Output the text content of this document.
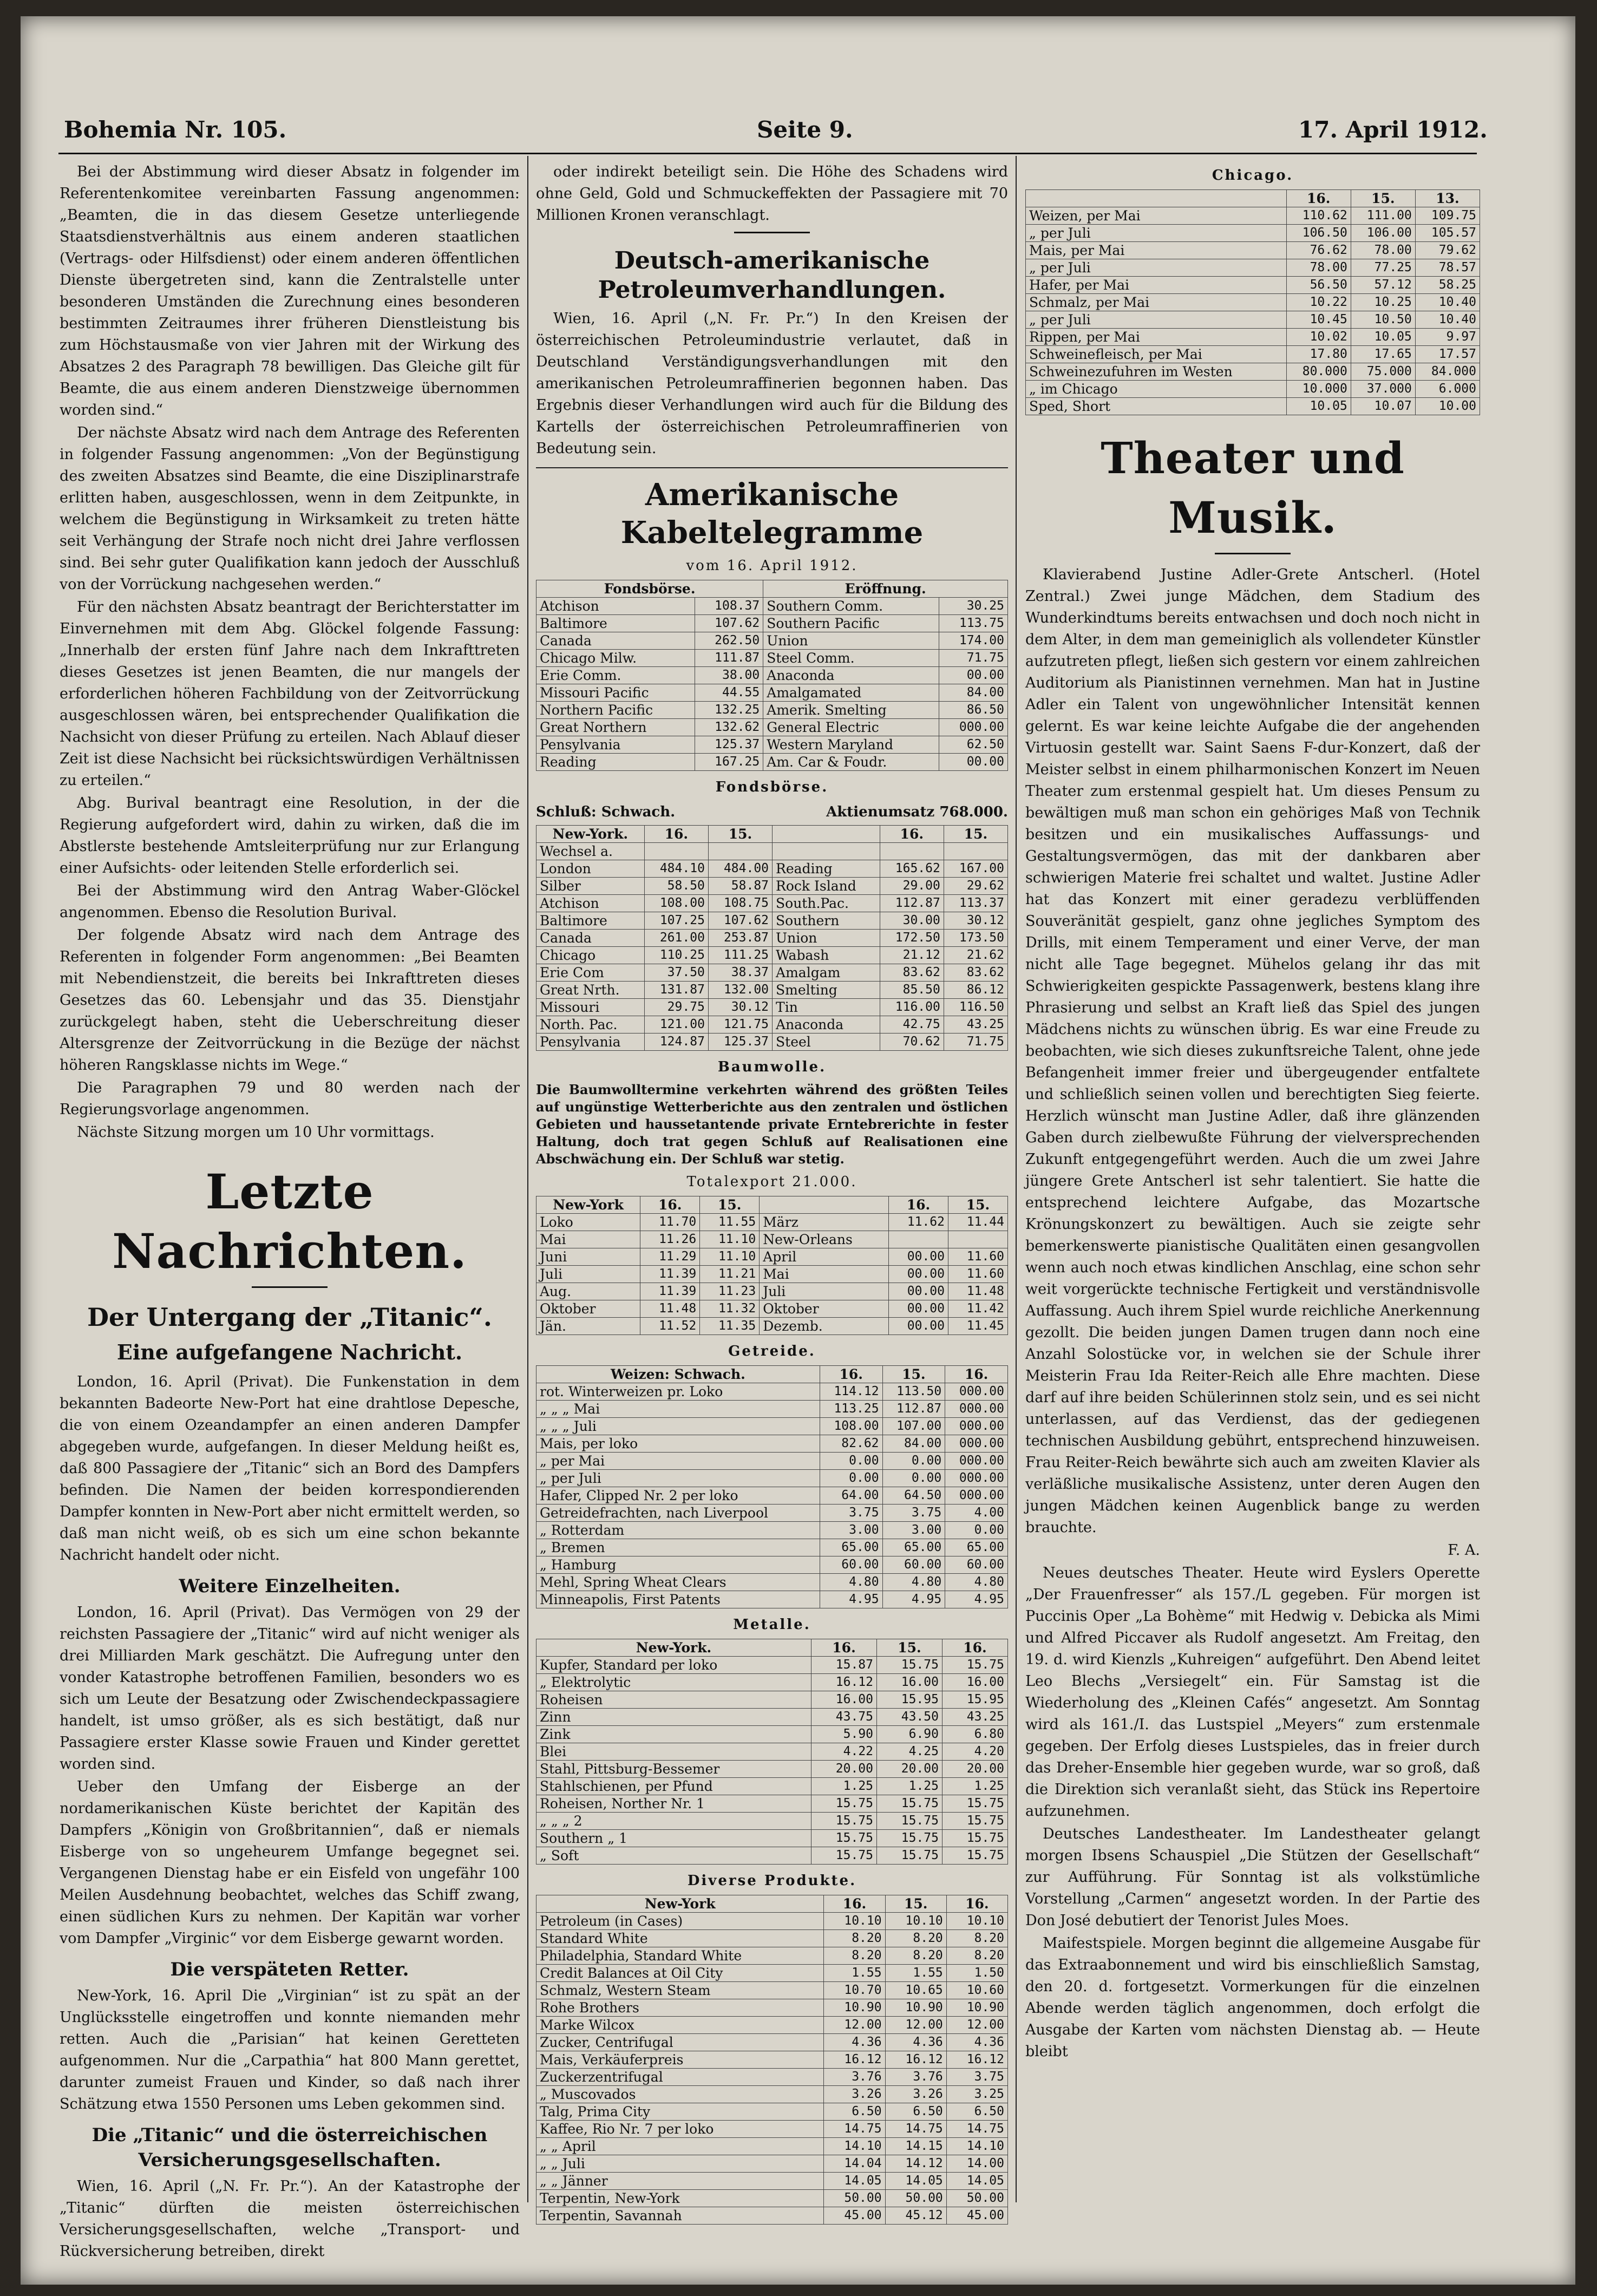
Bohemia Nr. 105.	Seite 9.	17. April 1912.

Bei der Abstimmung wird dieser Absatz in folgender im Referentenkomitee vereinbarten Fassung angenommen: „Beamten, die in das diesem Gesetze unterliegende Staatsdienstverhältnis aus einem anderen staatlichen (Vertrags- oder Hilfsdienst) oder einem anderen öffentlichen Dienste übergetreten sind, kann die Zentralstelle unter besonderen Umständen die Zurechnung eines besonderen bestimmten Zeitraumes ihrer früheren Dienstleistung bis zum Höchstausmaße von vier Jahren mit der Wirkung des Absatzes 2 des Paragraph 78 bewilligen. Das Gleiche gilt für Beamte, die aus einem anderen Dienstzweige übernommen worden sind.“

Der nächste Absatz wird nach dem Antrage des Referenten in folgender Fassung angenommen: „Von der Begünstigung des zweiten Absatzes sind Beamte, die eine Disziplinarstrafe erlitten haben, ausgeschlossen, wenn in dem Zeitpunkte, in welchem die Begünstigung in Wirksamkeit zu treten hätte seit Verhängung der Strafe noch nicht drei Jahre verflossen sind. Bei sehr guter Qualifikation kann jedoch der Ausschluß von der Vorrückung nachgesehen werden.“

Für den nächsten Absatz beantragt der Berichterstatter im Einvernehmen mit dem Abg. Glöckel folgende Fassung: „Innerhalb der ersten fünf Jahre nach dem Inkrafttreten dieses Gesetzes ist jenen Beamten, die nur mangels der erforderlichen höheren Fachbildung von der Zeitvorrückung ausgeschlossen wären, bei entsprechender Qualifikation die Nachsicht von dieser Prüfung zu erteilen. Nach Ablauf dieser Zeit ist diese Nachsicht bei rücksichtswürdigen Verhältnissen zu erteilen.“

Abg. Burival beantragt eine Resolution, in der die Regierung aufgefordert wird, dahin zu wirken, daß die im Abstlerste bestehende Amtsleiterprüfung nur zur Erlangung einer Aufsichts- oder leitenden Stelle erforderlich sei.

Bei der Abstimmung wird den Antrag Waber-Glöckel angenommen. Ebenso die Resolution Burival.

Der folgende Absatz wird nach dem Antrage des Referenten in folgender Form angenommen: „Bei Beamten mit Nebendienstzeit, die bereits bei Inkrafttreten dieses Gesetzes das 60. Lebensjahr und das 35. Dienstjahr zurückgelegt haben, steht die Ueberschreitung dieser Altersgrenze der Zeitvorrückung in die Bezüge der nächst höheren Rangsklasse nichts im Wege.“

Die Paragraphen 79 und 80 werden nach der Regierungsvorlage angenommen.

Nächste Sitzung morgen um 10 Uhr vormittags.

Letzte Nachrichten.
Der Untergang der „Titanic“.
Eine aufgefangene Nachricht.

London, 16. April (Privat). Die Funkenstation in dem bekannten Badeorte New-Port hat eine drahtlose Depesche, die von einem Ozeandampfer an einen anderen Dampfer abgegeben wurde, aufgefangen. In dieser Meldung heißt es, daß 800 Passagiere der „Titanic“ sich an Bord des Dampfers befinden. Die Namen der beiden korrespondierenden Dampfer konnten in New-Port aber nicht ermittelt werden, so daß man nicht weiß, ob es sich um eine schon bekannte Nachricht handelt oder nicht.

Weitere Einzelheiten.

London, 16. April (Privat). Das Vermögen von 29 der reichsten Passagiere der „Titanic“ wird auf nicht weniger als drei Milliarden Mark geschätzt. Die Aufregung unter den vonder Katastrophe betroffenen Familien, besonders wo es sich um Leute der Besatzung oder Zwischendeckpassagiere handelt, ist umso größer, als es sich bestätigt, daß nur Passagiere erster Klasse sowie Frauen und Kinder gerettet worden sind.

Ueber den Umfang der Eisberge an der nordamerikanischen Küste berichtet der Kapitän des Dampfers „Königin von Großbritannien“, daß er niemals Eisberge von so ungeheurem Umfange begegnet sei. Vergangenen Dienstag habe er ein Eisfeld von ungefähr 100 Meilen Ausdehnung beobachtet, welches das Schiff zwang, einen südlichen Kurs zu nehmen. Der Kapitän war vorher vom Dampfer „Virginic“ vor dem Eisberge gewarnt worden.

Die verspäteten Retter.

New-York, 16. April Die „Virginian“ ist zu spät an der Unglücksstelle eingetroffen und konnte niemanden mehr retten. Auch die „Parisian“ hat keinen Geretteten aufgenommen. Nur die „Carpathia“ hat 800 Mann gerettet, darunter zumeist Frauen und Kinder, so daß nach ihrer Schätzung etwa 1550 Personen ums Leben gekommen sind.

Die „Titanic“ und die österreichischen Versicherungsgesellschaften.

Wien, 16. April („N. Fr. Pr.“). An der Katastrophe der „Titanic“ dürften die meisten österreichischen Versicherungsgesellschaften, welche „Transport- und Rückversicherung betreiben, direkt

oder indirekt beteiligt sein. Die Höhe des Schadens wird ohne Geld, Gold und Schmuckeffekten der Passagiere mit 70 Millionen Kronen veranschlagt.

Deutsch-amerikanische Petroleumverhandlungen.

Wien, 16. April („N. Fr. Pr.“) In den Kreisen der österreichischen Petroleumindustrie verlautet, daß in Deutschland Verständigungsverhandlungen mit den amerikanischen Petroleumraffinerien begonnen haben. Das Ergebnis dieser Verhandlungen wird auch für die Bildung des Kartells der österreichischen Petroleumraffinerien von Bedeutung sein.

Amerikanische Kabeltelegramme
vom 16. April 1912.
Fondsbörse.		Eröffnung.	
Atchison	108.37	Southern Comm.	30.25
Baltimore	107.62	Southern Pacific	113.75
Canada	262.50	Union	174.00
Chicago Milw.	111.87	Steel Comm.	71.75
Erie Comm.	38.00	Anaconda	00.00
Missouri Pacific	44.55	Amalgamated	84.00
Northern Pacific	132.25	Amerik. Smelting	86.50
Great Northern	132.62	General Electric	000.00
Pensylvania	125.37	Western Maryland	62.50
Reading	167.25	Am. Car & Foudr.	00.00
Fondsbörse.
Schluß: Schwach.	Aktienumsatz 768.000.
New-York.	16.	15.		16.	15.
Wechsel a.					
London	484.10	484.00	Reading	165.62	167.00
Silber	58.50	58.87	Rock Island	29.00	29.62
Atchison	108.00	108.75	South.Pac.	112.87	113.37
Baltimore	107.25	107.62	Southern	30.00	30.12
Canada	261.00	253.87	Union	172.50	173.50
Chicago	110.25	111.25	Wabash	21.12	21.62
Erie Com	37.50	38.37	Amalgam	83.62	83.62
Great Nrth.	131.87	132.00	Smelting	85.50	86.12
Missouri	29.75	30.12	Tin	116.00	116.50
North. Pac.	121.00	121.75	Anaconda	42.75	43.25
Pensylvania	124.87	125.37	Steel	70.62	71.75
Baumwolle.

Die Baumwolltermine verkehrten während des größten Teiles auf ungünstige Wetterberichte aus den zentralen und östlichen Gebieten und haussetantende private Erntebrerichte in fester Haltung, doch trat gegen Schluß auf Realisationen eine Abschwächung ein. Der Schluß war stetig.

Totalexport 21.000.
New-York	16.	15.		16.	15.
Loko	11.70	11.55	März	11.62	11.44
Mai	11.26	11.10	New-Orleans		
Juni	11.29	11.10	April	00.00	11.60
Juli	11.39	11.21	Mai	00.00	11.60
Aug.	11.39	11.23	Juli	00.00	11.48
Oktober	11.48	11.32	Oktober	00.00	11.42
Jän.	11.52	11.35	Dezemb.	00.00	11.45
Getreide.
Weizen: Schwach.	16.	15.	16.
rot. Winterweizen pr. Loko	114.12	113.50	000.00
„ „ „ Mai	113.25	112.87	000.00
„ „ „ Juli	108.00	107.00	000.00
Mais, per loko	82.62	84.00	000.00
„ per Mai	0.00	0.00	000.00
„ per Juli	0.00	0.00	000.00
Hafer, Clipped Nr. 2 per loko	64.00	64.50	000.00
Getreidefrachten, nach Liverpool	3.75	3.75	4.00
„ Rotterdam	3.00	3.00	0.00
„ Bremen	65.00	65.00	65.00
„ Hamburg	60.00	60.00	60.00
Mehl, Spring Wheat Clears	4.80	4.80	4.80
Minneapolis, First Patents	4.95	4.95	4.95
Metalle.
New-York.	16.	15.	16.
Kupfer, Standard per loko	15.87	15.75	15.75
„ Elektrolytic	16.12	16.00	16.00
Roheisen	16.00	15.95	15.95
Zinn	43.75	43.50	43.25
Zink	5.90	6.90	6.80
Blei	4.22	4.25	4.20
Stahl, Pittsburg-Bessemer	20.00	20.00	20.00
Stahlschienen, per Pfund	1.25	1.25	1.25
Roheisen, Norther Nr. 1	15.75	15.75	15.75
„ „ „ 2	15.75	15.75	15.75
Southern „ 1	15.75	15.75	15.75
„ Soft	15.75	15.75	15.75
Diverse Produkte.
New-York	16.	15.	16.
Petroleum (in Cases)	10.10	10.10	10.10
Standard White	8.20	8.20	8.20
Philadelphia, Standard White	8.20	8.20	8.20
Credit Balances at Oil City	1.55	1.55	1.50
Schmalz, Western Steam	10.70	10.65	10.60
Rohe Brothers	10.90	10.90	10.90
Marke Wilcox	12.00	12.00	12.00
Zucker, Centrifugal	4.36	4.36	4.36
Mais, Verkäuferpreis	16.12	16.12	16.12
Zuckerzentrifugal	3.76	3.76	3.75
„ Muscovados	3.26	3.26	3.25
Talg, Prima City	6.50	6.50	6.50
Kaffee, Rio Nr. 7 per loko	14.75	14.75	14.75
„ „ April	14.10	14.15	14.10
„ „ Juli	14.04	14.12	14.00
„ „ Jänner	14.05	14.05	14.05
Terpentin, New-York	50.00	50.00	50.00
Terpentin, Savannah	45.00	45.12	45.00
Chicago.
	16.	15.	13.
Weizen, per Mai	110.62	111.00	109.75
„ per Juli	106.50	106.00	105.57
Mais, per Mai	76.62	78.00	79.62
„ per Juli	78.00	77.25	78.57
Hafer, per Mai	56.50	57.12	58.25
Schmalz, per Mai	10.22	10.25	10.40
„ per Juli	10.45	10.50	10.40
Rippen, per Mai	10.02	10.05	9.97
Schweinefleisch, per Mai	17.80	17.65	17.57
Schweinezufuhren im Westen	80.000	75.000	84.000
„ im Chicago	10.000	37.000	6.000
Sped, Short	10.05	10.07	10.00
Theater und Musik.

Klavierabend Justine Adler-Grete Antscherl. (Hotel Zentral.) Zwei junge Mädchen, dem Stadium des Wunderkindtums bereits entwachsen und doch noch nicht in dem Alter, in dem man gemeiniglich als vollendeter Künstler aufzutreten pflegt, ließen sich gestern vor einem zahlreichen Auditorium als Pianistinnen vernehmen. Man hat in Justine Adler ein Talent von ungewöhnlicher Intensität kennen gelernt. Es war keine leichte Aufgabe die der angehenden Virtuosin gestellt war. Saint Saens F-dur-Konzert, daß der Meister selbst in einem philharmonischen Konzert im Neuen Theater zum erstenmal gespielt hat. Um dieses Pensum zu bewältigen muß man schon ein gehöriges Maß von Technik besitzen und ein musikalisches Auffassungs- und Gestaltungsvermögen, das mit der dankbaren aber schwierigen Materie frei schaltet und waltet. Justine Adler hat das Konzert mit einer geradezu verblüffenden Souveränität gespielt, ganz ohne jegliches Symptom des Drills, mit einem Temperament und einer Verve, der man nicht alle Tage begegnet. Mühelos gelang ihr das mit Schwierigkeiten gespickte Passagenwerk, bestens klang ihre Phrasierung und selbst an Kraft ließ das Spiel des jungen Mädchens nichts zu wünschen übrig. Es war eine Freude zu beobachten, wie sich dieses zukunftsreiche Talent, ohne jede Befangenheit immer freier und übergeugender entfaltete und schließlich seinen vollen und berechtigten Sieg feierte. Herzlich wünscht man Justine Adler, daß ihre glänzenden Gaben durch zielbewußte Führung der vielversprechenden Zukunft entgegengeführt werden. Auch die um zwei Jahre jüngere Grete Antscherl ist sehr talentiert. Sie hatte die entsprechend leichtere Aufgabe, das Mozartsche Krönungskonzert zu bewältigen. Auch sie zeigte sehr bemerkenswerte pianistische Qualitäten einen gesangvollen wenn auch noch etwas kindlichen Anschlag, eine schon sehr weit vorgerückte technische Fertigkeit und verständnisvolle Auffassung. Auch ihrem Spiel wurde reichliche Anerkennung gezollt. Die beiden jungen Damen trugen dann noch eine Anzahl Solostücke vor, in welchen sie der Schule ihrer Meisterin Frau Ida Reiter-Reich alle Ehre machten. Diese darf auf ihre beiden Schülerinnen stolz sein, und es sei nicht unterlassen, auf das Verdienst, das der gediegenen technischen Ausbildung gebührt, entsprechend hinzuweisen. Frau Reiter-Reich bewährte sich auch am zweiten Klavier als verläßliche musikalische Assistenz, unter deren Augen den jungen Mädchen keinen Augenblick bange zu werden brauchte.

F. A.

Neues deutsches Theater. Heute wird Eyslers Operette „Der Frauenfresser“ als 157./L gegeben. Für morgen ist Puccinis Oper „La Bohème“ mit Hedwig v. Debicka als Mimi und Alfred Piccaver als Rudolf angesetzt. Am Freitag, den 19. d. wird Kienzls „Kuhreigen“ aufgeführt. Den Abend leitet Leo Blechs „Versiegelt“ ein. Für Samstag ist die Wiederholung des „Kleinen Cafés“ angesetzt. Am Sonntag wird als 161./I. das Lustspiel „Meyers“ zum erstenmale gegeben. Der Erfolg dieses Lustspieles, das in freier durch das Dreher-Ensemble hier gegeben wurde, war so groß, daß die Direktion sich veranlaßt sieht, das Stück ins Repertoire aufzunehmen.

Deutsches Landestheater. Im Landestheater gelangt morgen Ibsens Schauspiel „Die Stützen der Gesellschaft“ zur Aufführung. Für Sonntag ist als volkstümliche Vorstellung „Carmen“ angesetzt worden. In der Partie des Don José debutiert der Tenorist Jules Moes.

Maifestspiele. Morgen beginnt die allgemeine Ausgabe für das Extraabonnement und wird bis einschließlich Samstag, den 20. d. fortgesetzt. Vormerkungen für die einzelnen Abende werden täglich angenommen, doch erfolgt die Ausgabe der Karten vom nächsten Dienstag ab. — Heute bleibt
